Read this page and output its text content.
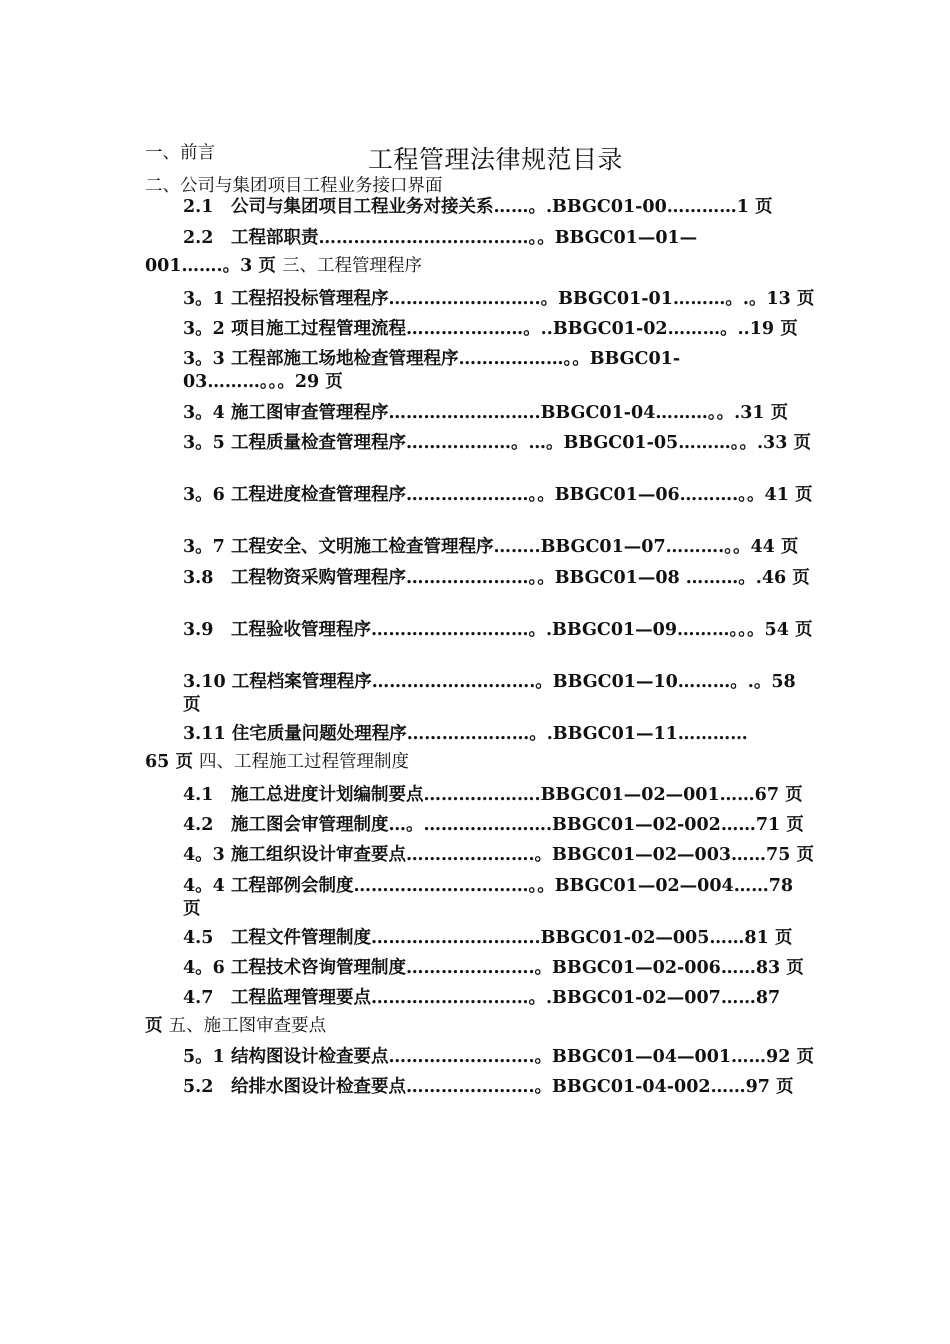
工程管理法律规范目录
一、前言
二、公司与集团项目工程业务接口界面
2.1　公司与集团项目工程业务对接关系……。.BBGC01-00…………1 页
2.2　工程部职责………………………………。。BBGC01—01—
001…….。3 页 三、工程管理程序
3。1 工程招投标管理程序……………………..。BBGC01-01………。.。13 页
3。2 项目施工过程管理流程………..………。..BBGC01-02………。..19 页
3。3 工程部施工场地检查管理程序………………。。BBGC01-03………。。。29 页
3。4 施工图审查管理程序……………………..BBGC01-04………。。.31 页
3。5 工程质量检查管理程序………………。…。BBGC01-05………。。.33 页
3。6 工程进度检查管理程序…………………。。BBGC01—06……….。。41 页
3。7 工程安全、文明施工检查管理程序……..BBGC01—07……….。。44 页
3.8　工程物资采购管理程序…………………。。BBGC01—08 ………。.46 页
3.9　工程验收管理程序………………………。.BBGC01—09………。。。54 页
3.10 工程档案管理程序……………………….。BBGC01—10………。.。58 页
3.11 住宅质量问题处理程序…………………。.BBGC01—11…………
65 页 四、工程施工过程管理制度
4.1　施工总进度计划编制要点………….…….BBGC01—02—001……67 页
4.2　施工图会审管理制度…。………………….BBGC01—02-002……71 页
4。3 施工组织设计审查要点………………….。BBGC01—02—003……75 页
4。4 工程部例会制度…………………………。。BBGC01—02—004……78 页
4.5　工程文件管理制度………………………..BBGC01-02—005……81 页
4。6 工程技术咨询管理制度………………….。BBGC01—02-006……83 页
4.7　工程监理管理要点………………………。.BBGC01-02—007……87
页 五、施工图审查要点
5。1 结构图设计检查要点…………………….。BBGC01—04—001……92 页
5.2　给排水图设计检查要点………………….。BBGC01-04-002……97 页
